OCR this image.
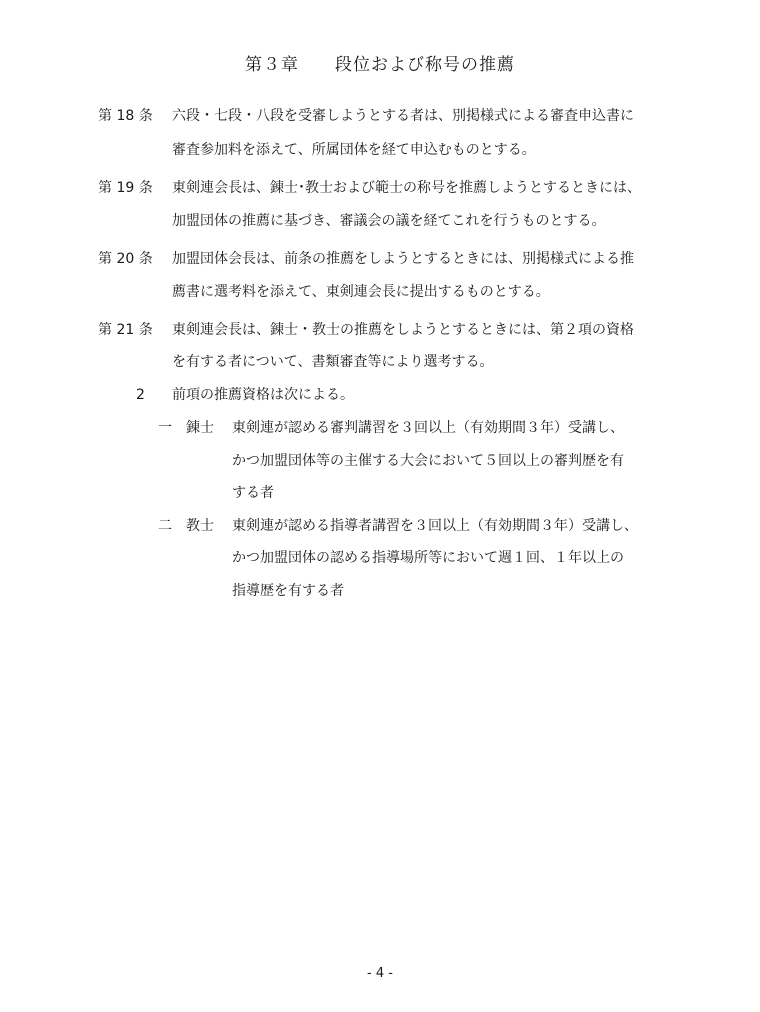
第３章　　段位および称号の推薦
第 18 条 六段・七段・八段を受審しようとする者は、別掲様式による審査申込書に
審査参加料を添えて、所属団体を経て申込むものとする。
第 19 条 東剣連会長は、錬士･教士および範士の称号を推薦しようとするときには、
加盟団体の推薦に基づき、審議会の議を経てこれを行うものとする。
第 20 条 加盟団体会長は、前条の推薦をしようとするときには、別掲様式による推
薦書に選考料を添えて、東剣連会長に提出するものとする。
第 21 条 東剣連会長は、錬士・教士の推薦をしようとするときには、第２項の資格
を有する者について、書類審査等により選考する。
2 前項の推薦資格は次による。
一 錬士 東剣連が認める審判講習を３回以上（有効期間３年）受講し、
かつ加盟団体等の主催する大会において５回以上の審判歴を有
する者
二 教士 東剣連が認める指導者講習を３回以上（有効期間３年）受講し、
かつ加盟団体の認める指導場所等において週１回、１年以上の
指導歴を有する者
- 4 -
